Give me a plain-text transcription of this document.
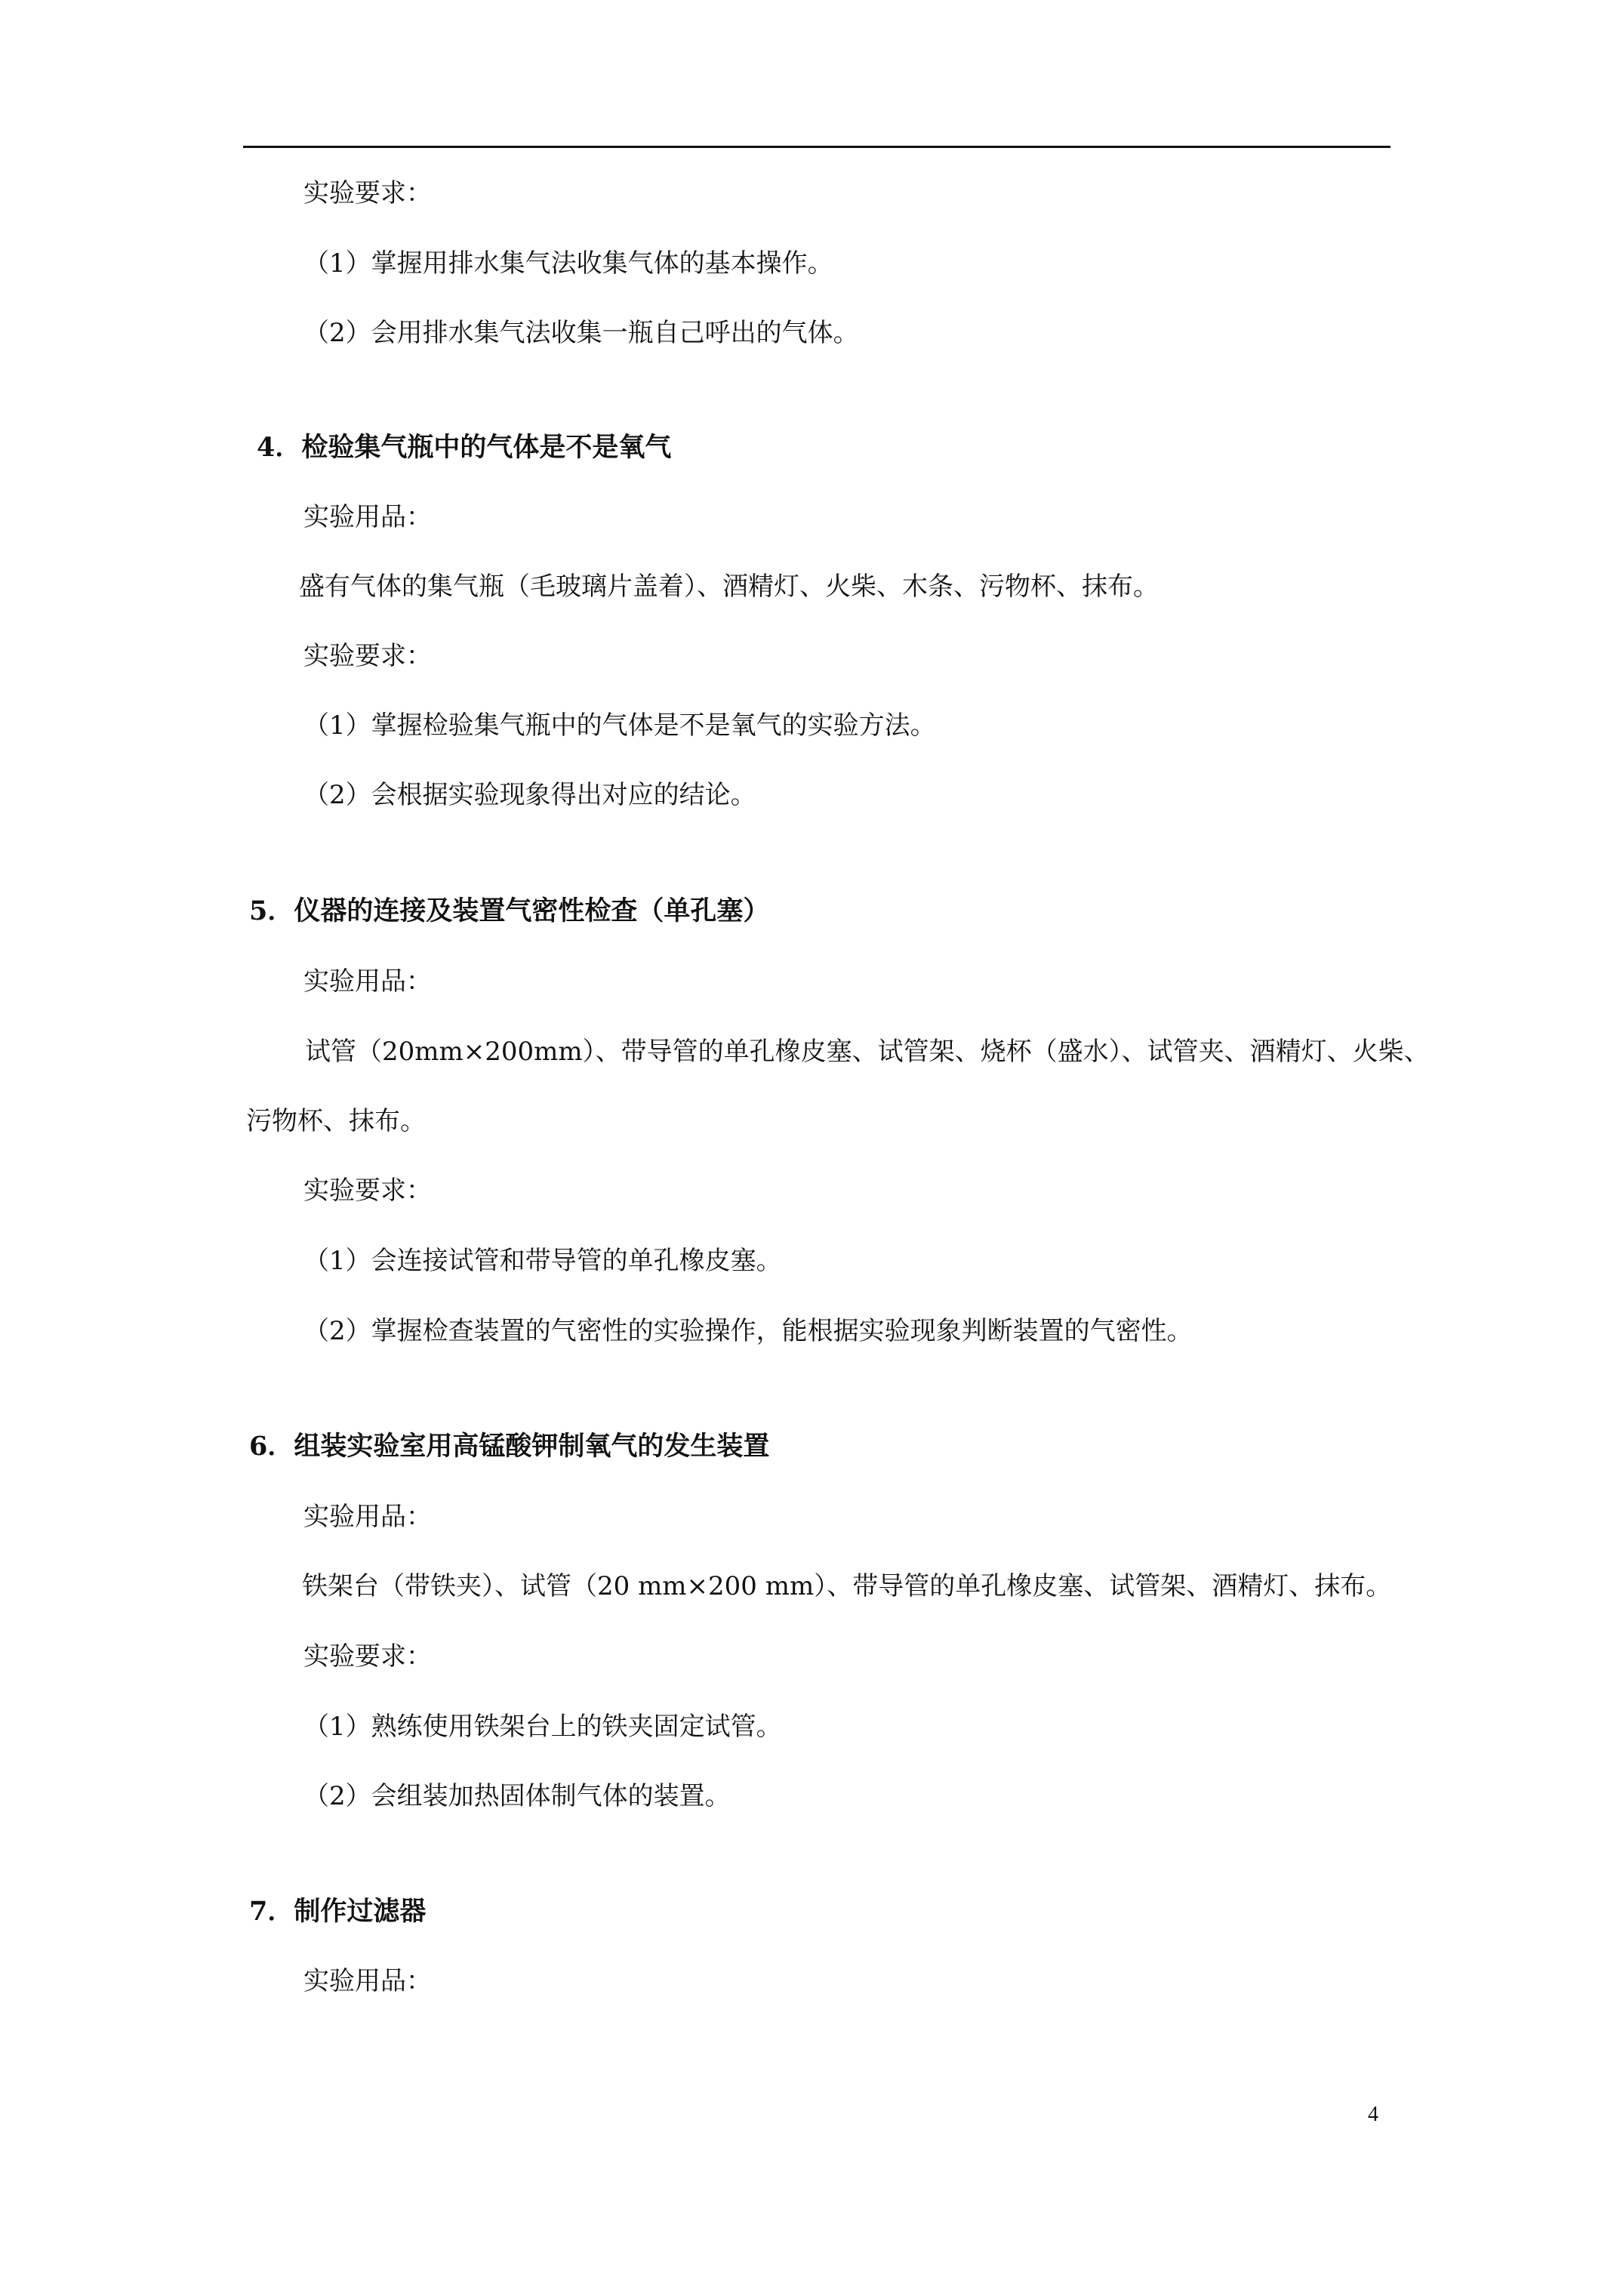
实验要求：
（1）掌握用排水集气法收集气体的基本操作。
（2）会用排水集气法收集一瓶自己呼出的气体。
4．检验集气瓶中的气体是不是氧气
实验用品：
盛有气体的集气瓶（毛玻璃片盖着）、酒精灯、火柴、木条、污物杯、抹布。
实验要求：
（1）掌握检验集气瓶中的气体是不是氧气的实验方法。
（2）会根据实验现象得出对应的结论。
5．仪器的连接及装置气密性检查（单孔塞）
实验用品：
试管（20mm×200mm）、带导管的单孔橡皮塞、试管架、烧杯（盛水）、试管夹、酒精灯、火柴、
污物杯、抹布。
实验要求：
（1）会连接试管和带导管的单孔橡皮塞。
（2）掌握检查装置的气密性的实验操作，能根据实验现象判断装置的气密性。
6．组装实验室用高锰酸钾制氧气的发生装置
实验用品：
铁架台（带铁夹）、试管（20 mm×200 mm）、带导管的单孔橡皮塞、试管架、酒精灯、抹布。
实验要求：
（1）熟练使用铁架台上的铁夹固定试管。
（2）会组装加热固体制气体的装置。
7．制作过滤器
实验用品：
4
